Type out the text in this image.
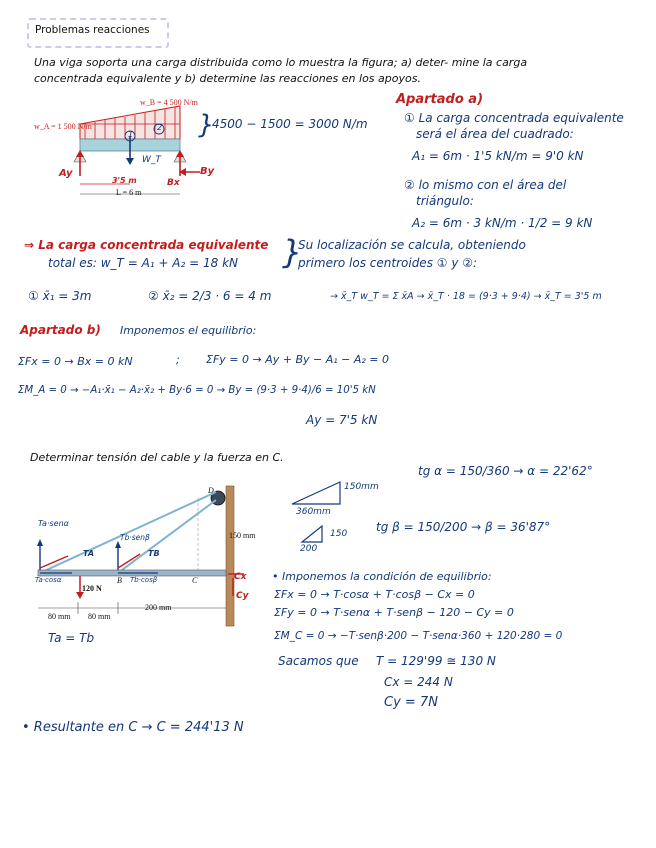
Problemas reacciones
Una viga soporta una carga distribuida como lo muestra la figura; a) deter- mine la carga
concentrada equivalente y b) determine las reacciones en los apoyos.
w_B = 4 500 N/m
w_A = 1 500 N/m
1
2
W_T
Ay	By
Bx
3'5 m
L = 6 m
}
4500 − 1500 = 3000 N/m
Apartado a)
① La carga concentrada equivalente
será el área del cuadrado:
A₁ = 6m · 1'5 kN/m = 9'0 kN
② lo mismo con el área del
triángulo:
A₂ = 6m · 3 kN/m · 1/2 = 9 kN
⇒ La carga concentrada equivalente
total es: w_T = A₁ + A₂ = 18 kN }
Su localización se calcula, obteniendo
primero los centroides ① y ②:
① x̄₁ = 3m	② x̄₂ = 2/3 · 6 = 4 m	→ x̄_T w_T = Σ x̄A → x̄_T · 18 = (9·3 + 9·4) → x̄_T = 3'5 m
Apartado b) Imponemos el equilibrio:
ΣFx = 0 → Bx = 0 kN	; ΣFy = 0 → Ay + By − A₁ − A₂ = 0
ΣM_A = 0 → −A₁·x̄₁ − A₂·x̄₂ + By·6 = 0 → By = (9·3 + 9·4)/6 = 10'5 kN
Ay = 7'5 kN
Determinar tensión del cable y la fuerza en C.
D
150 mm
B	C
120 N
80 mm 80 mm
200 mm
Ta·senα
TA
Ta·cosα
Tb·senβ
TB
Tb·cosβ	Cx
Cy
Ta = Tb
150mm
360mm
150
200
tg α = 150/360 → α = 22'62°
tg β = 150/200 → β = 36'87°
• Imponemos la condición de equilibrio:
ΣFx = 0 → T·cosα + T·cosβ − Cx = 0
ΣFy = 0 → T·senα + T·senβ − 120 − Cy = 0
ΣM_C = 0 → −T·senβ·200 − T·senα·360 + 120·280 = 0
Sacamos que T = 129'99 ≅ 130 N
Cx = 244 N
Cy = 7N
• Resultante en C → C = 244'13 N
